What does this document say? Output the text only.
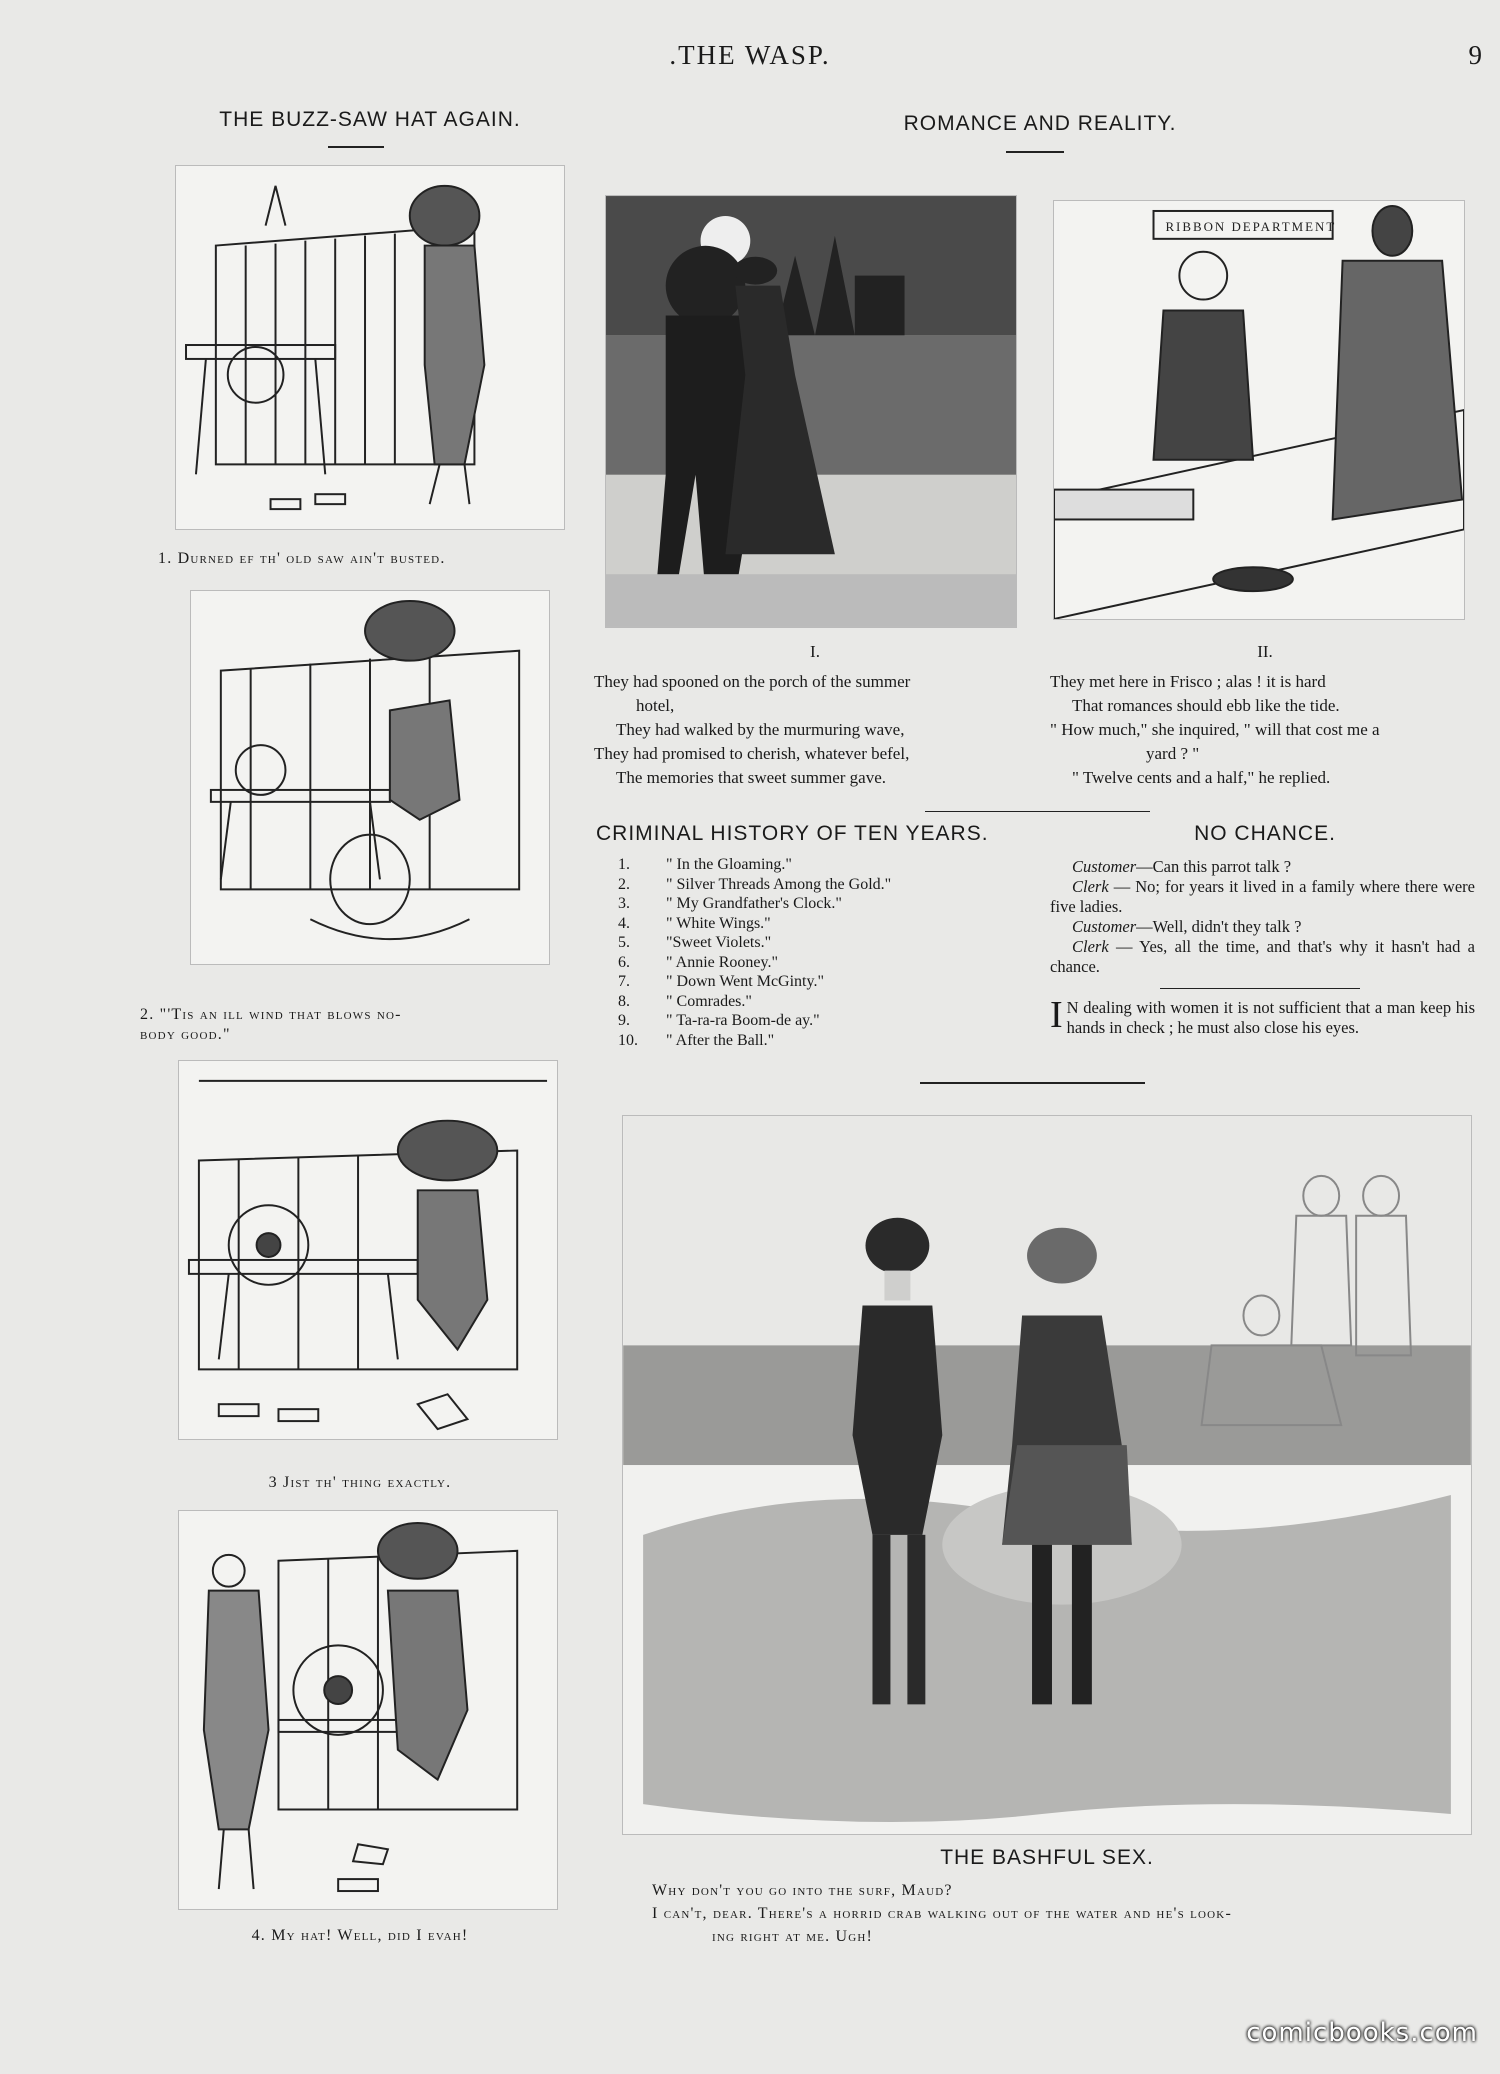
.THE WASP.	9
THE BUZZ-SAW HAT AGAIN.
1. Durned ef th' old saw ain't busted.
2. "'Tis an ill wind that blows no-
body good."
3 Jist th' thing exactly.
4. My hat! Well, did I evah!
ROMANCE AND REALITY.
RIBBON DEPARTMENT
I.	II.
They had spooned on the porch of the summer
hotel,
They had walked by the murmuring wave,
They had promised to cherish, whatever befel,
The memories that sweet summer gave.
They met here in Frisco ; alas ! it is hard
That romances should ebb like the tide.
" How much," she inquired, " will that cost me a
yard ? "
" Twelve cents and a half," he replied.
CRIMINAL HISTORY OF TEN YEARS.
1.	" In the Gloaming."
2.	" Silver Threads Among the Gold."
3.	" My Grandfather's Clock."
4.	" White Wings."
5.	"Sweet Violets."
6.	" Annie Rooney."
7.	" Down Went McGinty."
8.	" Comrades."
9.	" Ta-ra-ra Boom-de ay."
10.	" After the Ball."
NO CHANCE.
Customer—Can this parrot talk ?
Clerk — No; for years it lived in a family where there were five ladies.
Customer—Well, didn't they talk ?
Clerk — Yes, all the time, and that's why it hasn't had a chance.
I N dealing with women it is not sufficient that a man keep his hands in check ; he must also close his eyes.
THE BASHFUL SEX.
Why don't you go into the surf, Maud?
I can't, dear. There's a horrid crab walking out of the water and he's look-
ing right at me. Ugh!
comicbooks.com
